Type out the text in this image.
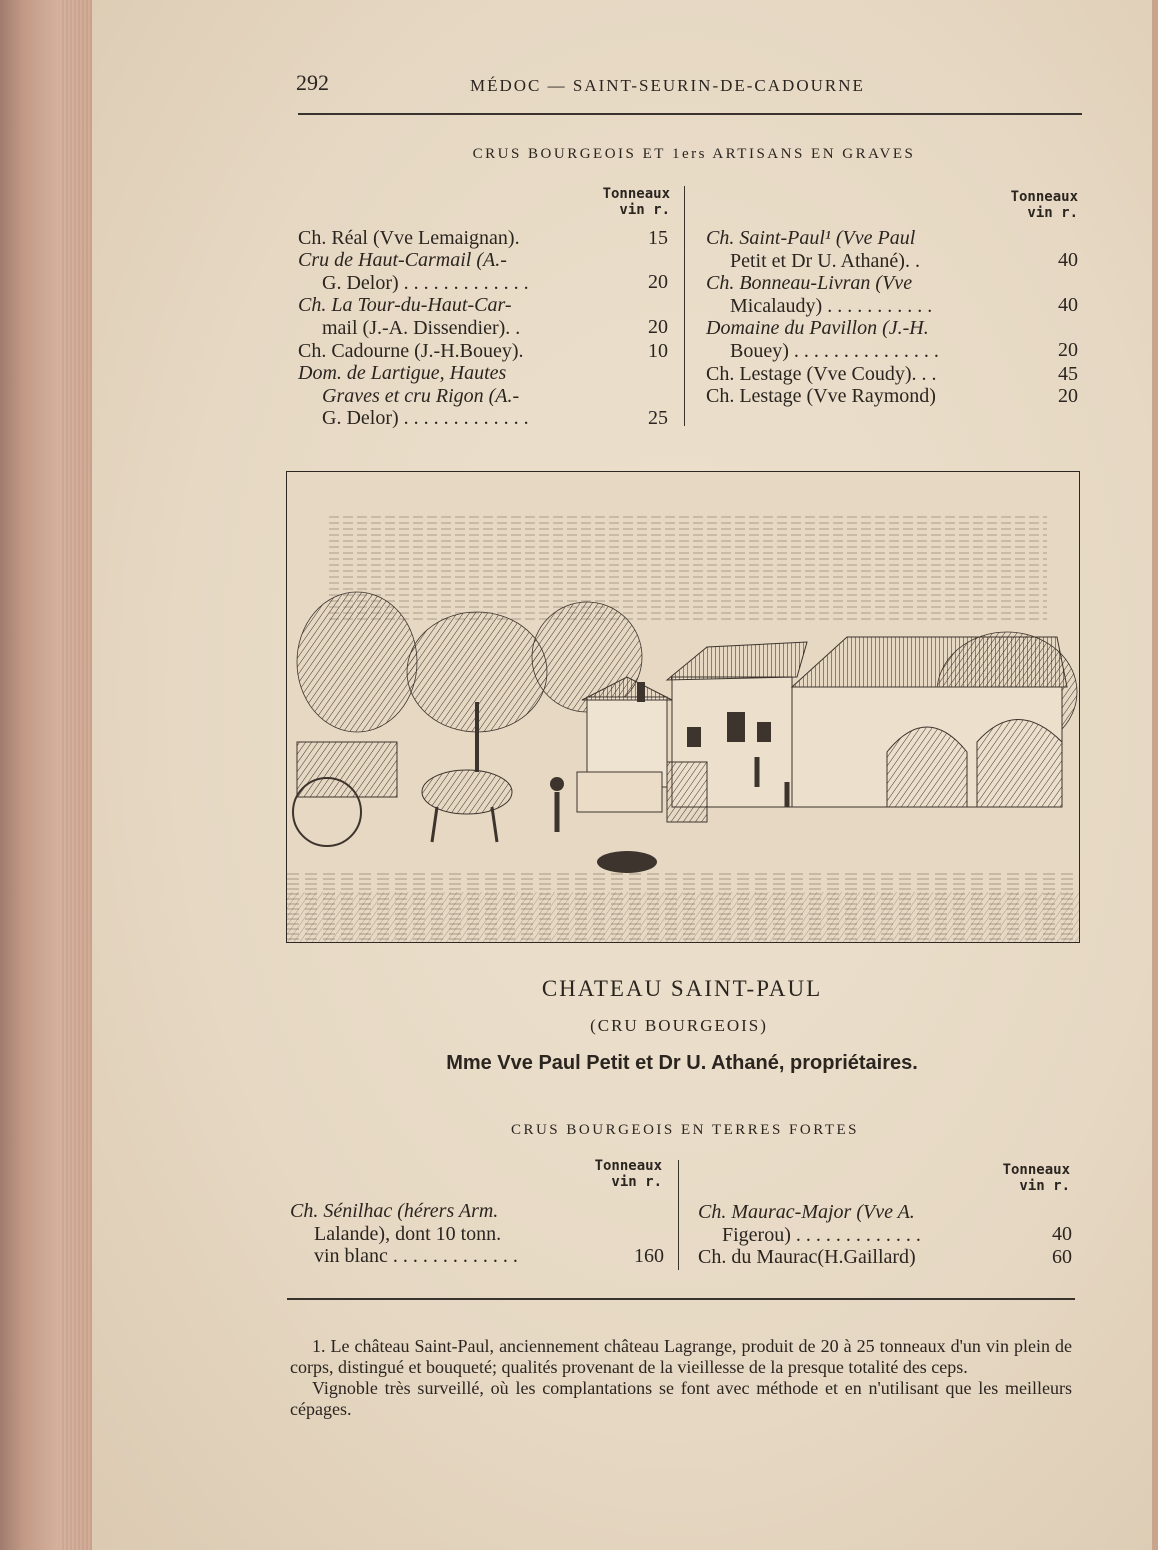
292	MÉDOC — SAINT-SEURIN-DE-CADOURNE
CRUS BOURGEOIS ET 1ers ARTISANS EN GRAVES
Tonneaux
vin r.
Tonneaux
vin r.
Ch. Réal (Vve Lemaignan).	15
Cru de Haut-Carmail (A.-
G. Delor) . . . . . . . . . . . . .	20
Ch. La Tour-du-Haut-Car-
mail (J.-A. Dissendier). .	20
Ch. Cadourne (J.-H.Bouey).	10
Dom. de Lartigue, Hautes
Graves et cru Rigon (A.-
G. Delor) . . . . . . . . . . . . .	25
Ch. Saint-Paul¹ (Vve Paul
Petit et Dr U. Athané). .	40
Ch. Bonneau-Livran (Vve
Micalaudy) . . . . . . . . . . .	40
Domaine du Pavillon (J.-H.
Bouey) . . . . . . . . . . . . . . .	20
Ch. Lestage (Vve Coudy). . .	45
Ch. Lestage (Vve Raymond)	20
CHATEAU SAINT-PAUL
(CRU BOURGEOIS)
Mme Vve Paul Petit et Dr U. Athané, propriétaires.
CRUS BOURGEOIS EN TERRES FORTES
Tonneaux
vin r.
Tonneaux
vin r.
Ch. Sénilhac (hérers Arm.
Lalande), dont 10 tonn.
vin blanc . . . . . . . . . . . . .	160
Ch. Maurac-Major (Vve A.
Figerou) . . . . . . . . . . . . .	40
Ch. du Maurac(H.Gaillard)	60

1. Le château Saint-Paul, anciennement château Lagrange, produit de 20 à 25 tonneaux d'un vin plein de corps, distingué et bouqueté; qualités provenant de la vieillesse de la presque totalité des ceps.

Vignoble très surveillé, où les complantations se font avec méthode et en n'utilisant que les meilleurs cépages.
